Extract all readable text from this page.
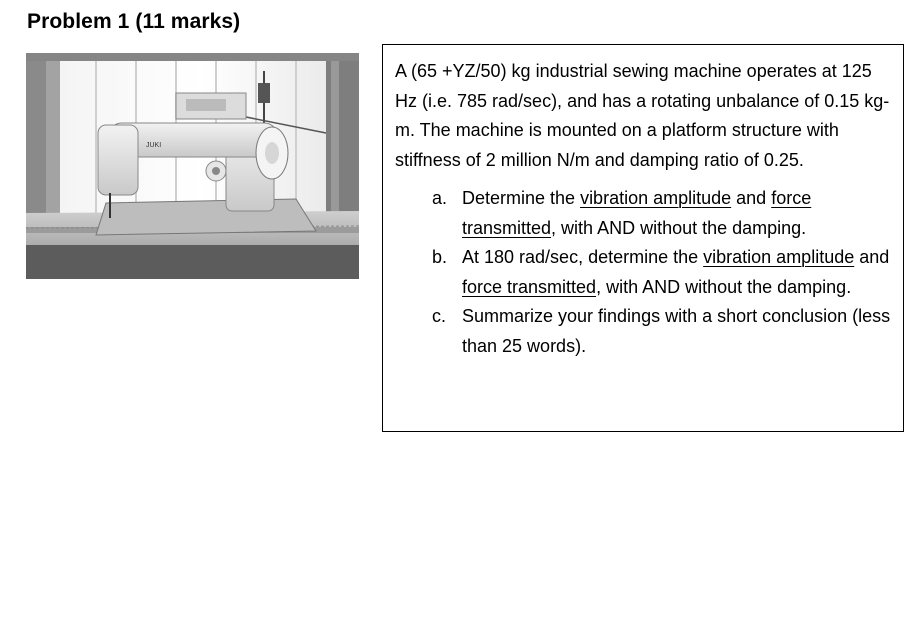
Problem 1 (11 marks)
JUKI

A (65 +YZ/50) kg industrial sewing machine operates at 125 Hz (i.e. 785 rad/sec), and has a rotating unbalance of 0.15 kg-m. The machine is mounted on a platform structure with stiffness of 2 million N/m and damping ratio of 0.25.

a. Determine the vibration amplitude and force transmitted, with AND without the damping.
b. At 180 rad/sec, determine the vibration amplitude and force transmitted, with AND without the damping.
c. Summarize your findings with a short conclusion (less than 25 words).
